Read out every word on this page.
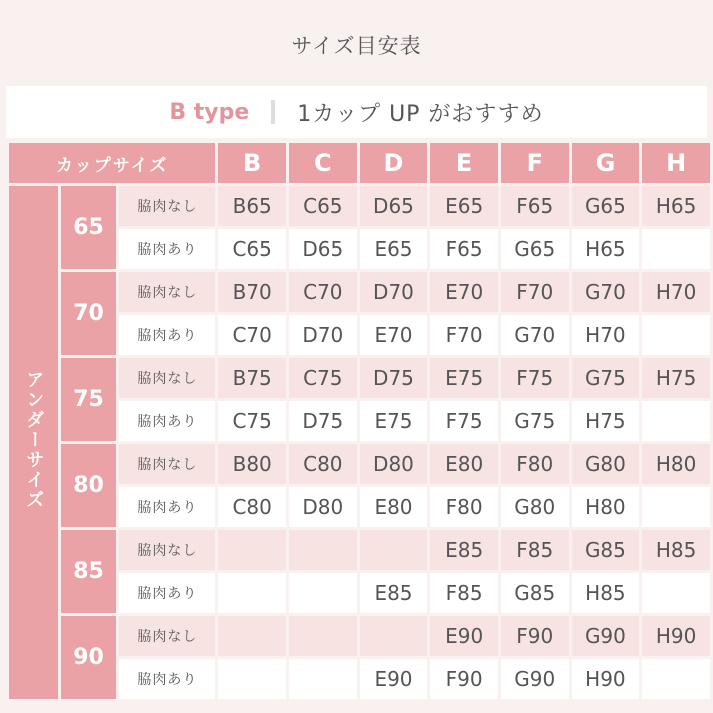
サイズ目安表
B type 1カップ UP がおすすめ
カップサイズ			B	C	D	E	F	G	H
アンダーサイズ	65	脇肉なし	B65	C65	D65	E65	F65	G65	H65
		脇肉あり	C65	D65	E65	F65	G65	H65	
	70	脇肉なし	B70	C70	D70	E70	F70	G70	H70
		脇肉あり	C70	D70	E70	F70	G70	H70	
	75	脇肉なし	B75	C75	D75	E75	F75	G75	H75
		脇肉あり	C75	D75	E75	F75	G75	H75	
	80	脇肉なし	B80	C80	D80	E80	F80	G80	H80
		脇肉あり	C80	D80	E80	F80	G80	H80	
	85	脇肉なし				E85	F85	G85	H85
		脇肉あり			E85	F85	G85	H85	
	90	脇肉なし				E90	F90	G90	H90
		脇肉あり			E90	F90	G90	H90	
